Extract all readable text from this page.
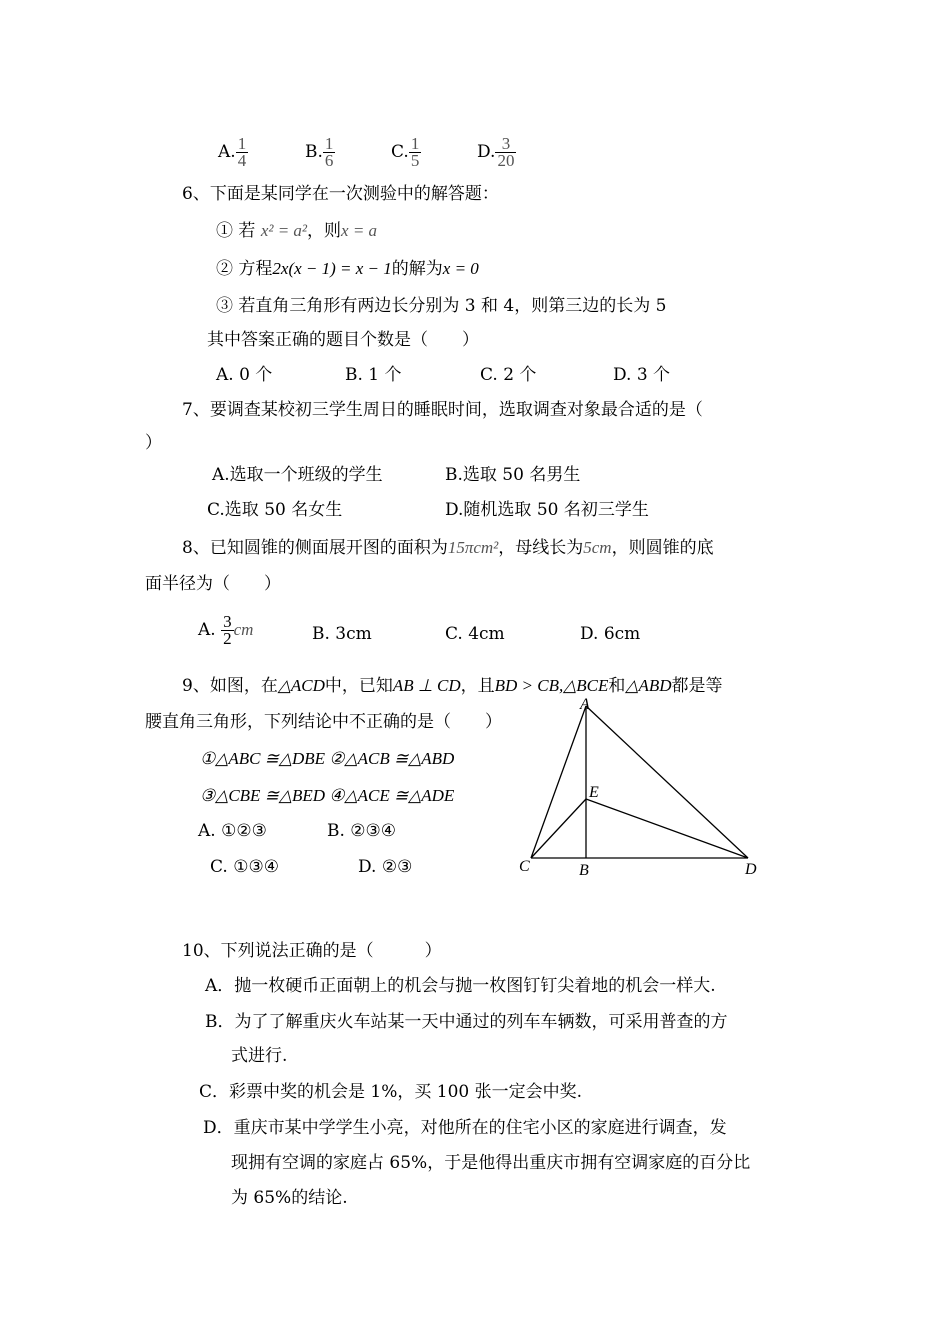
A. $\frac{1}{4}$	B. $\frac{1}{6}$	C. $\frac{1}{5}$	D. $\frac{3}{20}$
6、下面是某同学在一次测验中的解答题：
① 若 x² = a²，则x = a
② 方程2x(x − 1) = x − 1的解为x = 0
③ 若直角三角形有两边长分别为 3 和 4，则第三边的长为 5
其中答案正确的题目个数是（　　）
A. 0 个	B. 1 个	C. 2 个	D. 3 个
7、要调查某校初三学生周日的睡眠时间，选取调查对象最合适的是（
）
A.选取一个班级的学生	B.选取 50 名男生
C.选取 50 名女生	D.随机选取 50 名初三学生
8、已知圆锥的侧面展开图的面积为15πcm²，母线长为5cm，则圆锥的底
面半径为（　　）
A. $\frac{3}{2}$ cm	B. 3cm	C. 4cm	D. 6cm
9、如图，在△ACD中，已知AB ⊥ CD，且BD > CB,△BCE和△ABD都是等
腰直角三角形，下列结论中不正确的是（　　）
①△ABC ≅△DBE ②△ACB ≅△ABD
③△CBE ≅△BED ④△ACE ≅△ADE
A. ①②③	B. ②③④
C. ①③④	D. ②③
A
E
C	B	D
10、下列说法正确的是（　　　）
A．抛一枚硬币正面朝上的机会与抛一枚图钉钉尖着地的机会一样大.
B．为了了解重庆火车站某一天中通过的列车车辆数，可采用普查的方
式进行.
C．彩票中奖的机会是 1%，买 100 张一定会中奖.
D．重庆市某中学学生小亮，对他所在的住宅小区的家庭进行调查，发
现拥有空调的家庭占 65%，于是他得出重庆市拥有空调家庭的百分比
为 65%的结论.
